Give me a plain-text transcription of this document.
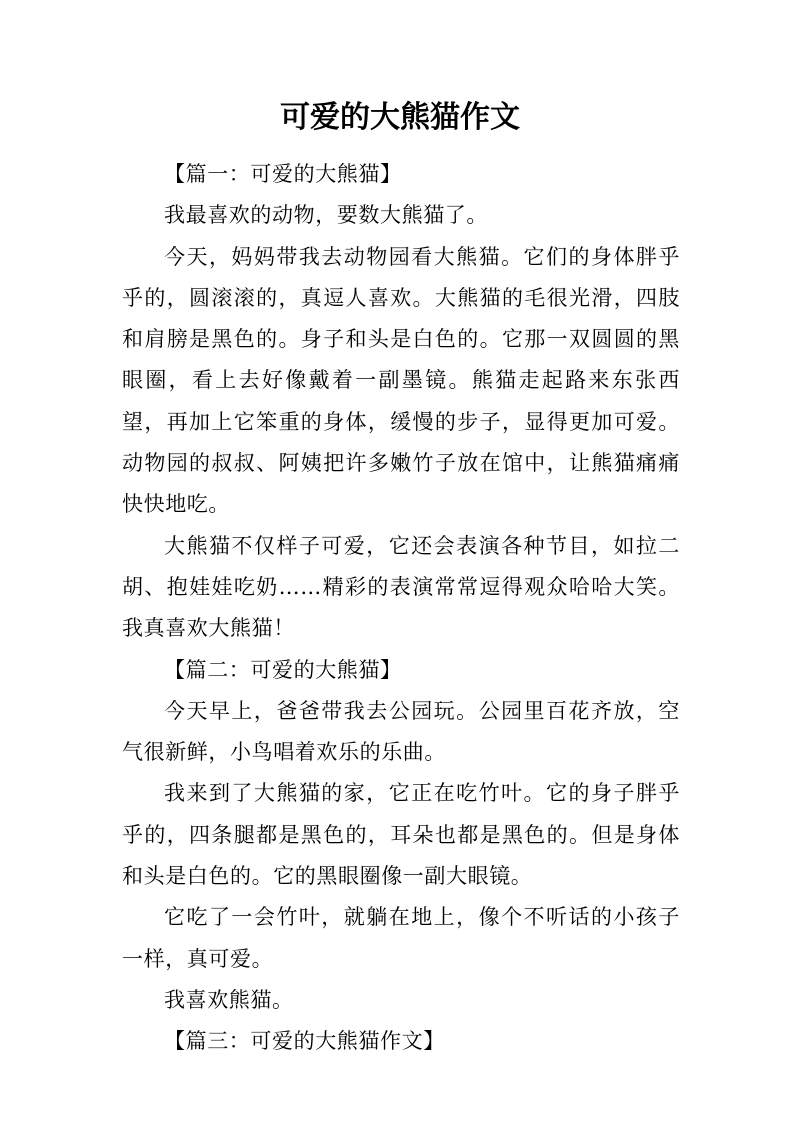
可爱的大熊猫作文

【篇一：可爱的大熊猫】

我最喜欢的动物，要数大熊猫了。

今天，妈妈带我去动物园看大熊猫。它们的身体胖乎乎的，圆滚滚的，真逗人喜欢。大熊猫的毛很光滑，四肢和肩膀是黑色的。身子和头是白色的。它那一双圆圆的黑眼圈，看上去好像戴着一副墨镜。熊猫走起路来东张西望，再加上它笨重的身体，缓慢的步子，显得更加可爱。动物园的叔叔、阿姨把许多嫩竹子放在馆中，让熊猫痛痛快快地吃。

大熊猫不仅样子可爱，它还会表演各种节目，如拉二胡、抱娃娃吃奶……精彩的表演常常逗得观众哈哈大笑。我真喜欢大熊猫！

【篇二：可爱的大熊猫】

今天早上，爸爸带我去公园玩。公园里百花齐放，空气很新鲜，小鸟唱着欢乐的乐曲。

我来到了大熊猫的家，它正在吃竹叶。它的身子胖乎乎的，四条腿都是黑色的，耳朵也都是黑色的。但是身体和头是白色的。它的黑眼圈像一副大眼镜。

它吃了一会竹叶，就躺在地上，像个不听话的小孩子一样，真可爱。

我喜欢熊猫。

【篇三：可爱的大熊猫作文】
